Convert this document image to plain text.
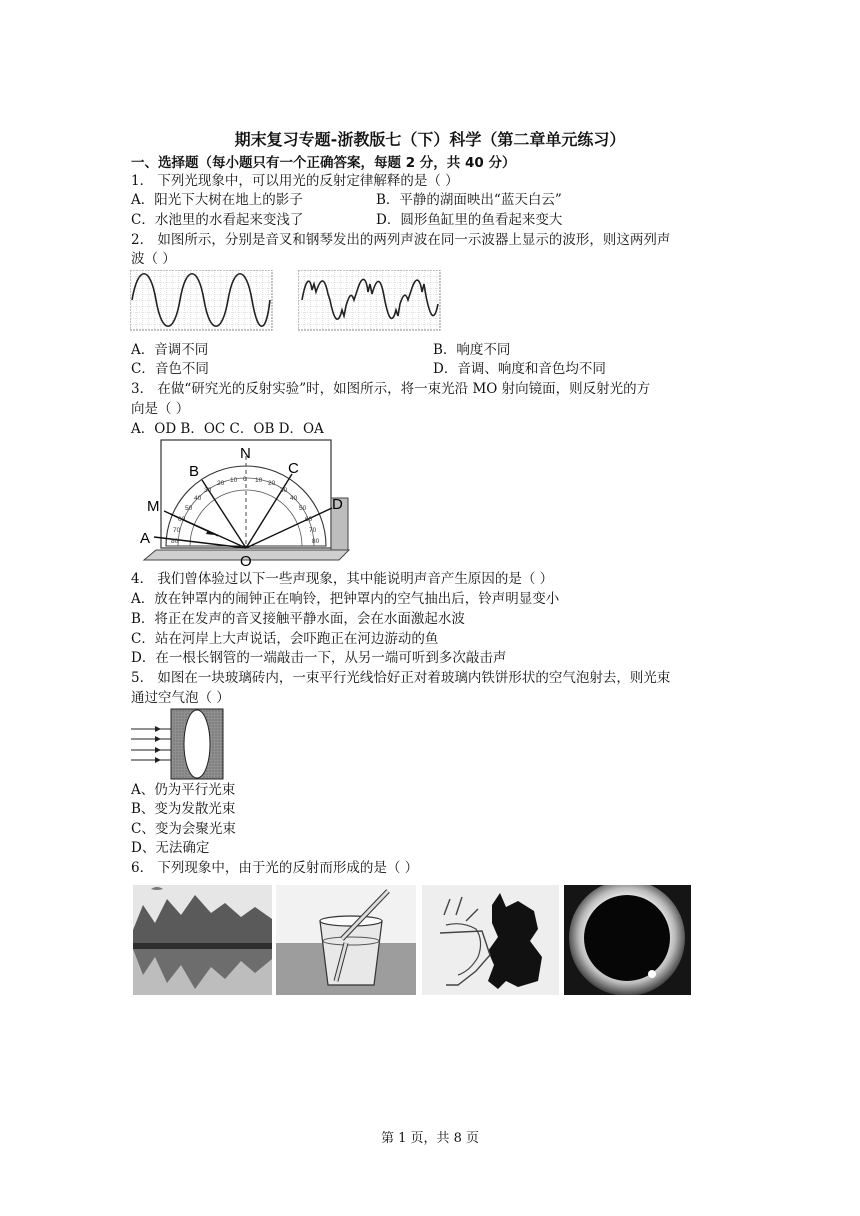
期末复习专题-浙教版七（下）科学（第二章单元练习）
一、选择题（每小题只有一个正确答案，每题 2 分，共 40 分）
1． 下列光现象中，可以用光的反射定律解释的是（ ）
A．阳光下大树在地上的影子	B．平静的湖面映出“蓝天白云”
C．水池里的水看起来变浅了	D．圆形鱼缸里的鱼看起来变大
2． 如图所示，分别是音叉和钢琴发出的两列声波在同一示波器上显示的波形，则这两列声
波（ ）
A．音调不同	B．响度不同
C．音色不同	D．音调、响度和音色均不同
3． 在做“研究光的反射实验”时，如图所示，将一束光沿 MO 射向镜面，则反射光的方
向是（ ）
A．OD B．OC C．OB D．OA
N
B	C
M	D
A
O
10 0 10
20	20
30	30
40	40
50	50
60	60
70	70
80	80
4． 我们曾体验过以下一些声现象，其中能说明声音产生原因的是（ ）
A．放在钟罩内的闹钟正在响铃，把钟罩内的空气抽出后，铃声明显变小
B．将正在发声的音叉接触平静水面，会在水面激起水波
C．站在河岸上大声说话，会吓跑正在河边游动的鱼
D．在一根长钢管的一端敲击一下，从另一端可听到多次敲击声
5． 如图在一块玻璃砖内，一束平行光线恰好正对着玻璃内铁饼形状的空气泡射去，则光束
通过空气泡（ ）
A、仍为平行光束
B、变为发散光束
C、变为会聚光束
D、无法确定
6． 下列现象中，由于光的反射而形成的是（ ）
第 1 页，共 8 页
